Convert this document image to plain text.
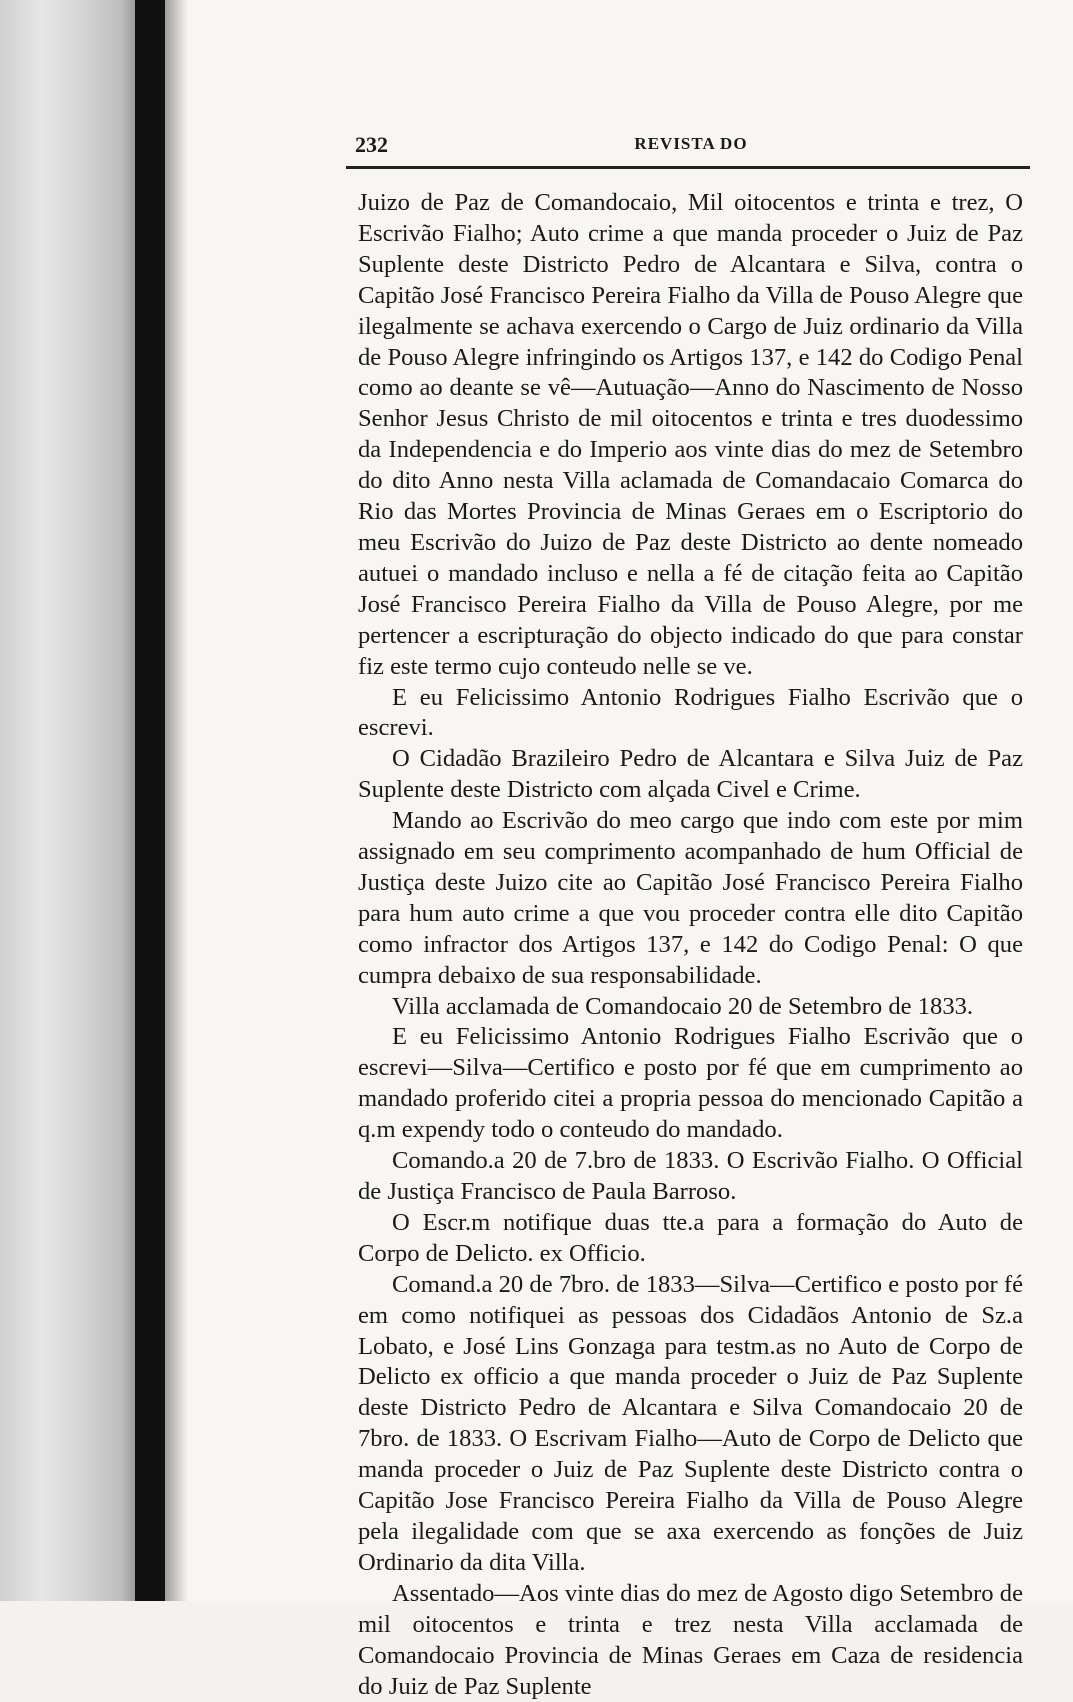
232	REVISTA DO

Juizo de Paz de Comandocaio, Mil oitocentos e trinta e trez, O Escrivão Fialho; Auto crime a que manda proceder o Juiz de Paz Suplente deste Districto Pedro de Alcantara e Silva, contra o Capitão José Francisco Pereira Fialho da Villa de Pouso Alegre que ilegalmente se achava exercendo o Cargo de Juiz ordinario da Villa de Pouso Alegre infringindo os Artigos 137, e 142 do Codigo Penal como ao deante se vê—Autuação—Anno do Nascimento de Nosso Senhor Jesus Christo de mil oitocentos e trinta e tres duodessimo da Independencia e do Imperio aos vinte dias do mez de Setembro do dito Anno nesta Villa aclamada de Comandacaio Comarca do Rio das Mortes Provincia de Minas Geraes em o Escriptorio do meu Escrivão do Juizo de Paz deste Districto ao dente nomeado autuei o mandado incluso e nella a fé de citação feita ao Capitão José Francisco Pereira Fialho da Villa de Pouso Alegre, por me pertencer a escripturação do objecto indicado do que para constar fiz este termo cujo conteudo nelle se ve.

E eu Felicissimo Antonio Rodrigues Fialho Escrivão que o escrevi.

O Cidadão Brazileiro Pedro de Alcantara e Silva Juiz de Paz Suplente deste Districto com alçada Civel e Crime.

Mando ao Escrivão do meo cargo que indo com este por mim assignado em seu comprimento acompanhado de hum Official de Justiça deste Juizo cite ao Capitão José Francisco Pereira Fialho para hum auto crime a que vou proceder contra elle dito Capitão como infractor dos Artigos 137, e 142 do Codigo Penal: O que cumpra debaixo de sua responsabilidade.

Villa acclamada de Comandocaio 20 de Setembro de 1833.

E eu Felicissimo Antonio Rodrigues Fialho Escrivão que o escrevi—Silva—Certifico e posto por fé que em cumprimento ao mandado proferido citei a propria pessoa do mencionado Capitão a q.m expendy todo o conteudo do mandado.

Comando.a 20 de 7.bro de 1833. O Escrivão Fialho. O Official de Justiça Francisco de Paula Barroso.

O Escr.m notifique duas tte.a para a formação do Auto de Corpo de Delicto. ex Officio.

Comand.a 20 de 7bro. de 1833—Silva—Certifico e posto por fé em como notifiquei as pessoas dos Cidadãos Antonio de Sz.a Lobato, e José Lins Gonzaga para testm.as no Auto de Corpo de Delicto ex officio a que manda proceder o Juiz de Paz Suplente deste Districto Pedro de Alcantara e Silva Comandocaio 20 de 7bro. de 1833. O Escrivam Fialho—Auto de Corpo de Delicto que manda proceder o Juiz de Paz Suplente deste Districto contra o Capitão Jose Francisco Pereira Fialho da Villa de Pouso Alegre pela ilegalidade com que se axa exercendo as fonções de Juiz Ordinario da dita Villa.

Assentado—Aos vinte dias do mez de Agosto digo Setembro de mil oitocentos e trinta e trez nesta Villa acclamada de Comandocaio Provincia de Minas Geraes em Caza de residencia do Juiz de Paz Suplente
